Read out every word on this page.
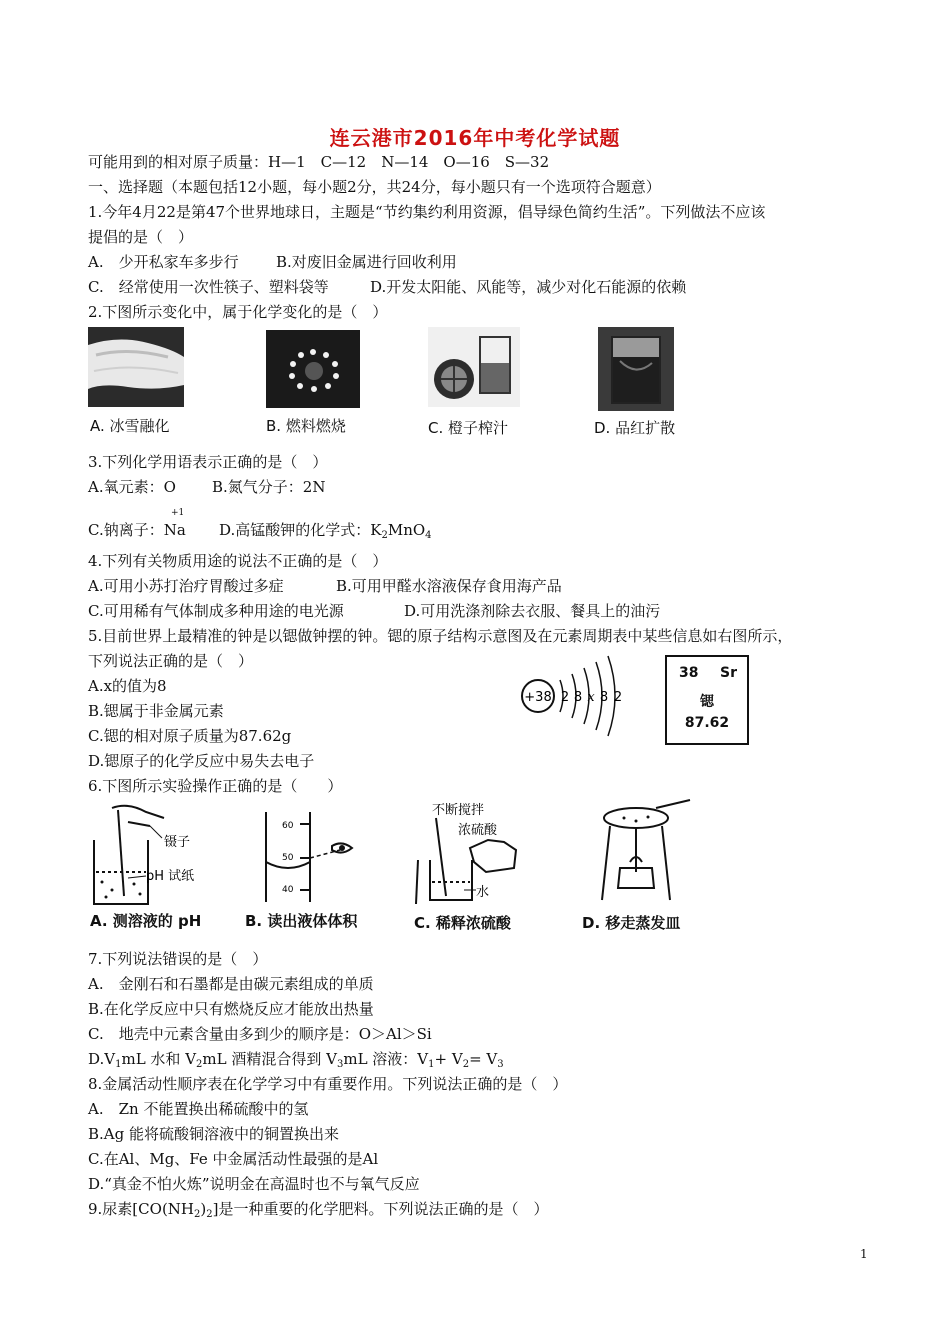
连云港市2016年中考化学试题
可能用到的相对原子质量：H—1　C—12　N—14　O—16　S—32
一、选择题（本题包括12小题，每小题2分，共24分，每小题只有一个选项符合题意）
1.今年4月22是第47个世界地球日，主题是“节约集约利用资源，倡导绿色简约生活”。下列做法不应该
提倡的是（　）
A.　少开私家车多步行 B.对废旧金属进行回收利用
C.　经常使用一次性筷子、塑料袋等	D.开发太阳能、风能等，减少对化石能源的依赖
2.下图所示变化中，属于化学变化的是（　）
A. 冰雪融化	B. 燃料燃烧	C. 橙子榨汁	D. 品红扩散
3.下列化学用语表示正确的是（　）
A.氧元素：O B.氮气分子：2N
C.钠离子：Na
+1
D.高锰酸钾的化学式：$K_2MnO_4$
4.下列有关物质用途的说法不正确的是（　）
A.可用小苏打治疗胃酸过多症	B.可用甲醛水溶液保存食用海产品
C.可用稀有气体制成多种用途的电光源	D.可用洗涤剂除去衣服、餐具上的油污
5.目前世界上最精准的钟是以锶做钟摆的钟。锶的原子结构示意图及在元素周期表中某些信息如右图所示，
下列说法正确的是（　）
A.x的值为8
B.锶属于非金属元素
C.锶的相对原子质量为87.62g
D.锶原子的化学反应中易失去电子
+38 2 8 x 8 2
38 Sr
锶
87.62
6.下图所示实验操作正确的是（　　）
镊子
pH 试纸
60
50
40
不断搅拌
浓硫酸
水
A. 测溶液的 pH	B. 读出液体体积	C. 稀释浓硫酸	D. 移走蒸发皿
7.下列说法错误的是（　）
A.　金刚石和石墨都是由碳元素组成的单质
B.在化学反应中只有燃烧反应才能放出热量
C.　地壳中元素含量由多到少的顺序是：O＞Al＞Si
$D.V_1mL$ 水和 $V_2mL$ 酒精混合得到 $V_3mL$ 溶液：$V_1+ V_2= V_3$
8.金属活动性顺序表在化学学习中有重要作用。下列说法正确的是（　）
A.　Zn 不能置换出稀硫酸中的氢
B.Ag 能将硫酸铜溶液中的铜置换出来
C.在Al、Mg、Fe 中金属活动性最强的是Al
D.“真金不怕火炼”说明金在高温时也不与氧气反应
9.尿素$[CO(NH_2)_2]$是一种重要的化学肥料。下列说法正确的是（　）
1
